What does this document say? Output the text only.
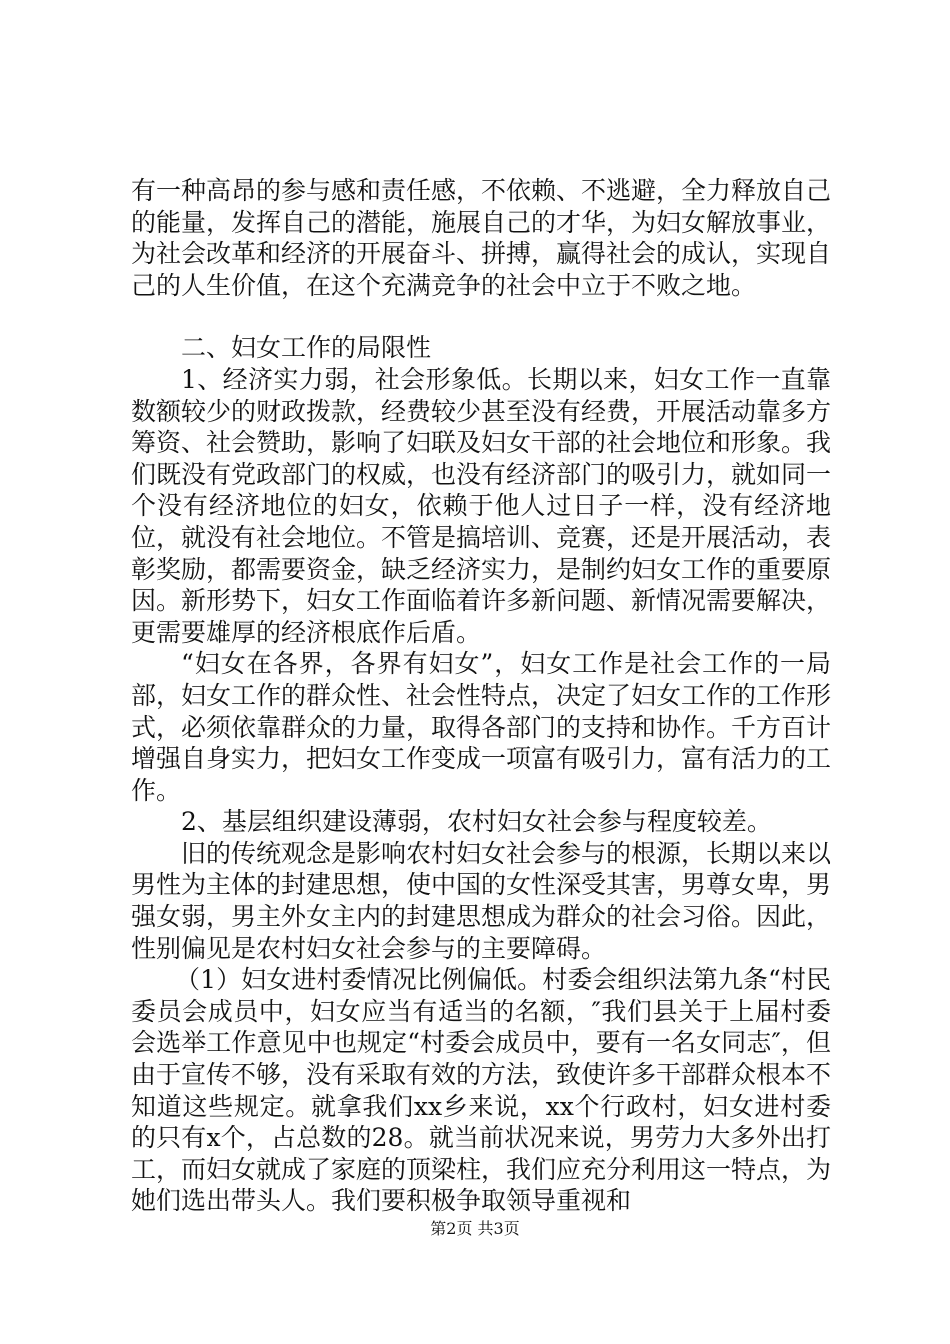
有一种高昂的参与感和责任感，不依赖、不逃避，全力释放自己的能量，发挥自己的潜能，施展自己的才华，为妇女解放事业，为社会改革和经济的开展奋斗、拼搏，赢得社会的成认，实现自己的人生价值，在这个充满竞争的社会中立于不败之地。

二、妇女工作的局限性

1、经济实力弱，社会形象低。长期以来，妇女工作一直靠数额较少的财政拨款，经费较少甚至没有经费，开展活动靠多方筹资、社会赞助，影响了妇联及妇女干部的社会地位和形象。我们既没有党政部门的权威，也没有经济部门的吸引力，就如同一个没有经济地位的妇女，依赖于他人过日子一样，没有经济地位，就没有社会地位。不管是搞培训、竞赛，还是开展活动，表彰奖励，都需要资金，缺乏经济实力，是制约妇女工作的重要原因。新形势下，妇女工作面临着许多新问题、新情况需要解决，更需要雄厚的经济根底作后盾。

“妇女在各界，各界有妇女”，妇女工作是社会工作的一局部，妇女工作的群众性、社会性特点，决定了妇女工作的工作形式，必须依靠群众的力量，取得各部门的支持和协作。千方百计增强自身实力，把妇女工作变成一项富有吸引力，富有活力的工作。

2、基层组织建设薄弱，农村妇女社会参与程度较差。

旧的传统观念是影响农村妇女社会参与的根源，长期以来以男性为主体的封建思想，使中国的女性深受其害，男尊女卑，男强女弱，男主外女主内的封建思想成为群众的社会习俗。因此，性别偏见是农村妇女社会参与的主要障碍。

（1）妇女进村委情况比例偏低。村委会组织法第九条“村民委员会成员中，妇女应当有适当的名额，″我们县关于上届村委会选举工作意见中也规定“村委会成员中，要有一名女同志″，但由于宣传不够，没有采取有效的方法，致使许多干部群众根本不知道这些规定。就拿我们xx乡来说，xx个行政村，妇女进村委的只有x个，占总数的28。就当前状况来说，男劳力大多外出打工，而妇女就成了家庭的顶梁柱，我们应充分利用这一特点，为她们选出带头人。我们要积极争取领导重视和

第2页 共3页
